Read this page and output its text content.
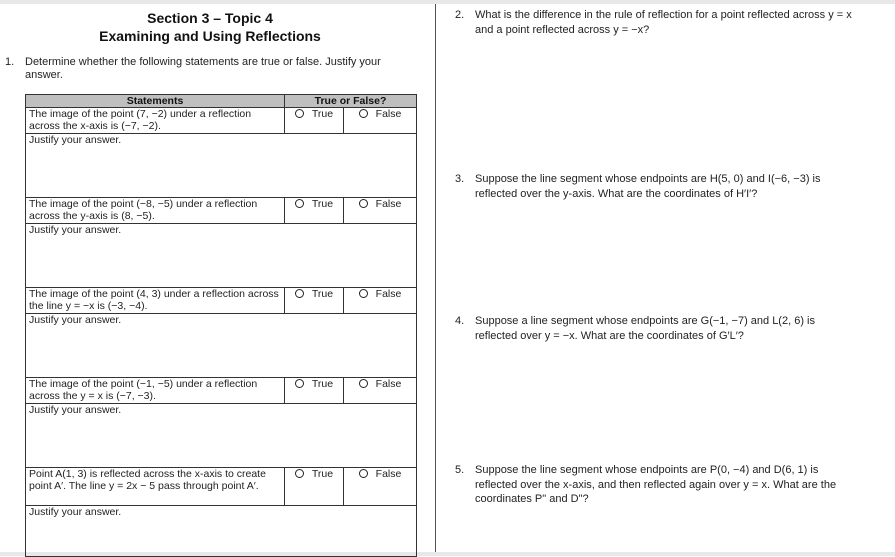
Section 3 – Topic 4
Examining and Using Reflections
1. Determine whether the following statements are true or false. Justify your answer.
Statements	True or False?	
The image of the point (7, −2) under a reflection across the x-axis is (−7, −2).	True	False
Justify your answer.		
The image of the point (−8, −5) under a reflection across the y-axis is (8, −5).	True	False
Justify your answer.		
The image of the point (4, 3) under a reflection across the line y = −x is (−3, −4).	True	False
Justify your answer.		
The image of the point (−1, −5) under a reflection across the y = x is (−7, −3).	True	False
Justify your answer.		
Point A(1, 3) is reflected across the x-axis to create point A′. The line y = 2x − 5 pass through point A′.	True	False
Justify your answer.		
2. What is the difference in the rule of reflection for a point reflected across y = x and a point reflected across y = −x?
3. Suppose the line segment whose endpoints are H(5, 0) and I(−6, −3) is reflected over the y-axis. What are the coordinates of H′I′?
4. Suppose a line segment whose endpoints are G(−1, −7) and L(2, 6) is reflected over y = −x. What are the coordinates of G′L′?
5. Suppose the line segment whose endpoints are P(0, −4) and D(6, 1) is reflected over the x-axis, and then reflected again over y = x. What are the coordinates P" and D"?
